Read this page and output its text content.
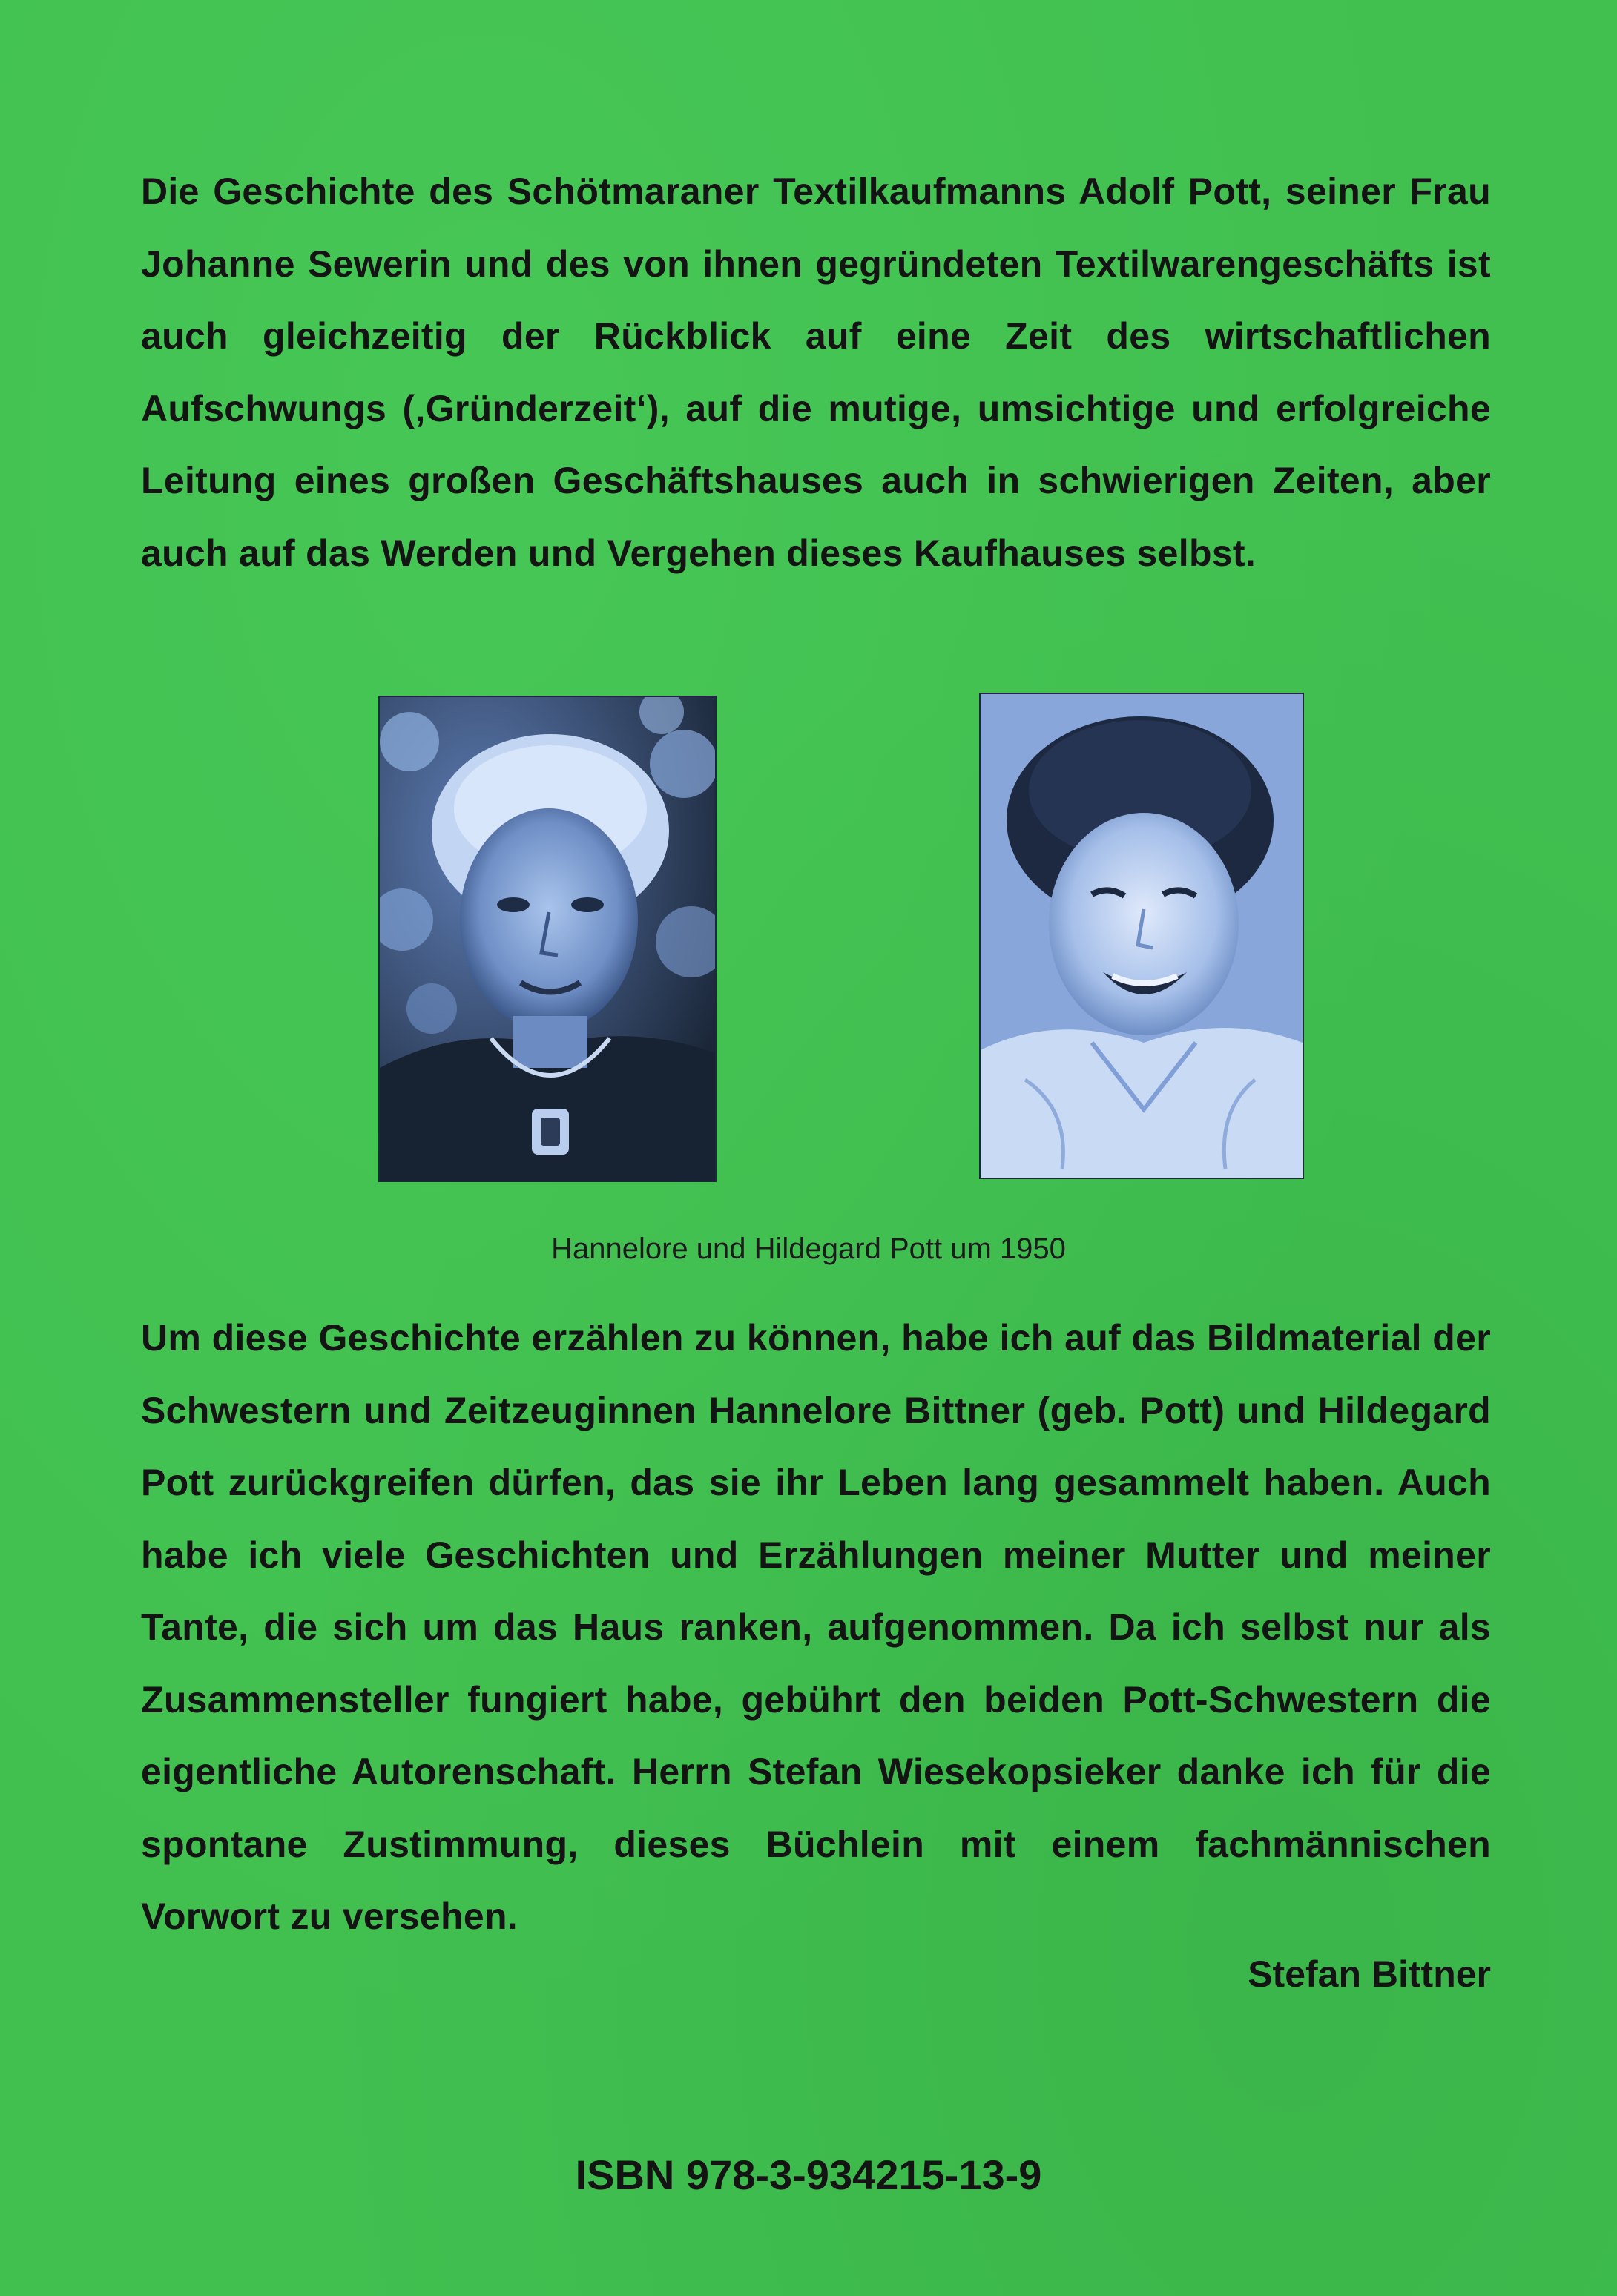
Die Geschichte des Schötmaraner Textilkaufmanns Adolf Pott, seiner Frau Johanne Sewerin und des von ihnen gegründeten Textilwarengeschäfts ist auch gleichzeitig der Rückblick auf eine Zeit des wirtschaftlichen Aufschwungs (‚Gründerzeit‘), auf die mutige, umsichtige und erfolgreiche Leitung eines großen Geschäftshauses auch in schwierigen Zeiten, aber auch auf das Werden und Vergehen dieses Kaufhauses selbst.

Hannelore und Hildegard Pott um 1950

Um diese Geschichte erzählen zu können, habe ich auf das Bildmaterial der Schwestern und Zeitzeuginnen Hannelore Bittner (geb. Pott) und Hildegard Pott zurückgreifen dürfen, das sie ihr Leben lang gesammelt haben. Auch habe ich viele Geschichten und Erzählungen meiner Mutter und meiner Tante, die sich um das Haus ranken, aufgenommen. Da ich selbst nur als Zusammensteller fungiert habe, gebührt den beiden Pott-Schwestern die eigentliche Autorenschaft. Herrn Stefan Wiesekopsieker danke ich für die spontane Zustimmung, dieses Büchlein mit einem fachmännischen Vorwort zu versehen.

Stefan Bittner

ISBN 978-3-934215-13-9
